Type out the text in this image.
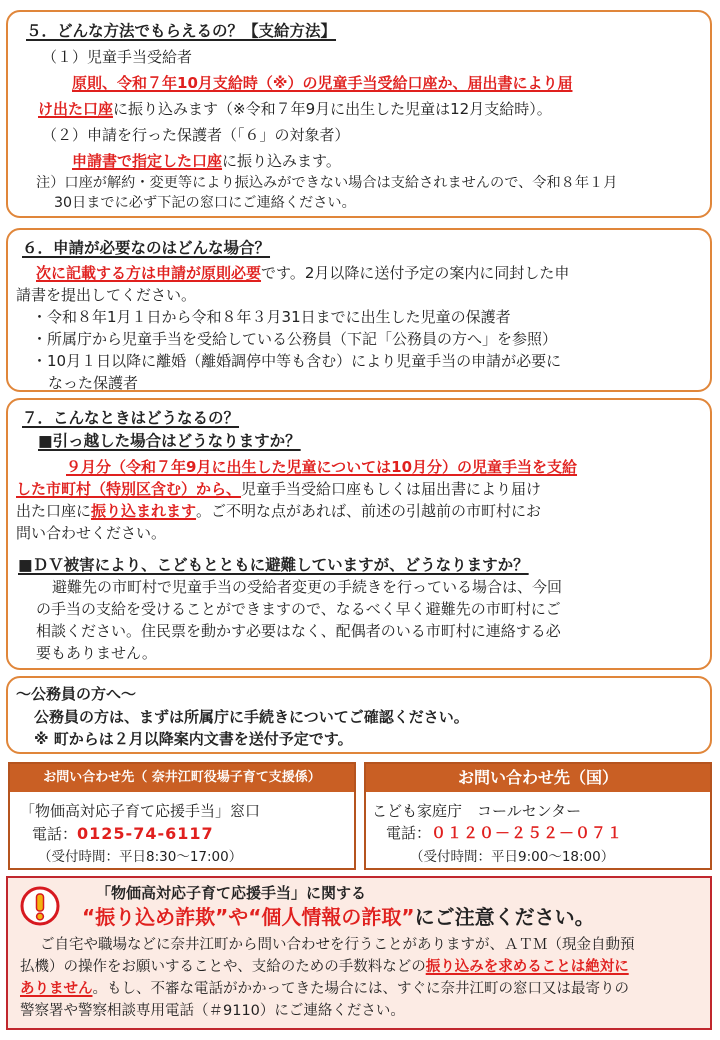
５．どんな方法でもらえるの？【支給方法】
（１）児童手当受給者
原則、令和７年10月支給時（※）の児童手当受給口座か、届出書により届
け出た口座に振り込みます（※令和７年9月に出生した児童は12月支給時）。
（２）申請を行った保護者（「６」の対象者）
申請書で指定した口座に振り込みます。
注）口座が解約・変更等により振込みができない場合は支給されませんので、令和８年１月
30日までに必ず下記の窓口にご連絡ください。
６．申請が必要なのはどんな場合？
次に記載する方は申請が原則必要です。2月以降に送付予定の案内に同封した申
請書を提出してください。
・令和８年1月１日から令和８年３月31日までに出生した児童の保護者
・所属庁から児童手当を受給している公務員（下記「公務員の方へ」を参照）
・10月１日以降に離婚（離婚調停中等も含む）により児童手当の申請が必要に
なった保護者
７．こんなときはどうなるの？
■引っ越した場合はどうなりますか？
９月分（令和７年9月に出生した児童については10月分）の児童手当を支給
した市町村（特別区含む）から、児童手当受給口座もしくは届出書により届け
出た口座に振り込まれます。ご不明な点があれば、前述の引越前の市町村にお
問い合わせください。
■ＤＶ被害により、こどもとともに避難していますが、どうなりますか？
避難先の市町村で児童手当の受給者変更の手続きを行っている場合は、今回
の手当の支給を受けることができますので、なるべく早く避難先の市町村にご
相談ください。住民票を動かす必要はなく、配偶者のいる市町村に連絡する必
要もありません。
～公務員の方へ～
公務員の方は、まずは所属庁に手続きについてご確認ください。
※ 町からは２月以降案内文書を送付予定です。
お問い合わせ先（ 奈井江町役場子育て支援係）
「物価高対応子育て応援手当」窓口
電話：0125-74-6117
（受付時間：平日8:30～17:00）
お問い合わせ先（国）
こども家庭庁　コールセンター
電話：０１２０－２５２－０７１
（受付時間：平日9:00～18:00）
「物価高対応子育て応援手当」に関する
“振り込め詐欺”や“個人情報の詐取”にご注意ください。
ご自宅や職場などに奈井江町から問い合わせを行うことがありますが、ＡＴＭ（現金自動預
払機）の操作をお願いすることや、支給のための手数料などの振り込みを求めることは絶対に
ありません。もし、不審な電話がかかってきた場合には、すぐに奈井江町の窓口又は最寄りの
警察署や警察相談専用電話（＃9110）にご連絡ください。
